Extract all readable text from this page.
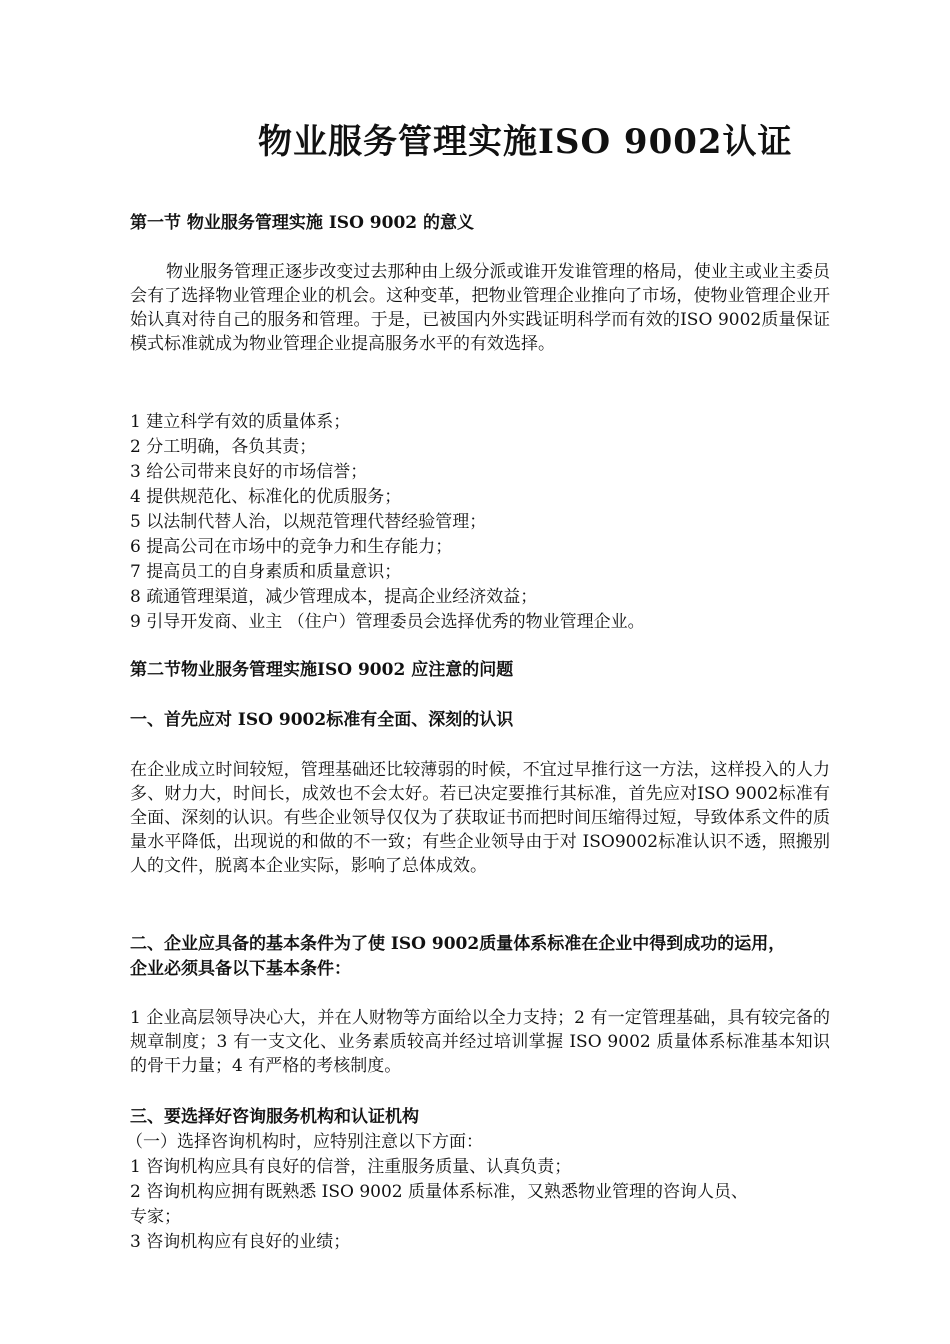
物业服务管理实施ISO 9002认证
第一节 物业服务管理实施 ISO 9002 的意义
物业服务管理正逐步改变过去那种由上级分派或谁开发谁管理的格局，使业主或业主委员会有了选择物业管理企业的机会。这种变革，把物业管理企业推向了市场，使物业管理企业开始认真对待自己的服务和管理。于是，已被国内外实践证明科学而有效的ISO 9002质量保证模式标准就成为物业管理企业提高服务水平的有效选择。
1 建立科学有效的质量体系；
2 分工明确，各负其责；
3 给公司带来良好的市场信誉；
4 提供规范化、标准化的优质服务；
5 以法制代替人治，以规范管理代替经验管理；
6 提高公司在市场中的竞争力和生存能力；
7 提高员工的自身素质和质量意识；
8 疏通管理渠道，减少管理成本，提高企业经济效益；
9 引导开发商、业主 （住户）管理委员会选择优秀的物业管理企业。
第二节物业服务管理实施ISO 9002 应注意的问题
一、首先应对 ISO 9002标准有全面、深刻的认识
在企业成立时间较短，管理基础还比较薄弱的时候，不宜过早推行这一方法，这样投入的人力多、财力大，时间长，成效也不会太好。若已决定要推行其标准，首先应对ISO 9002标准有全面、深刻的认识。有些企业领导仅仅为了获取证书而把时间压缩得过短，导致体系文件的质量水平降低，出现说的和做的不一致；有些企业领导由于对 ISO9002标准认识不透，照搬别人的文件，脱离本企业实际，影响了总体成效。
二、企业应具备的基本条件为了使 ISO 9002质量体系标准在企业中得到成功的运用，
企业必须具备以下基本条件：
1 企业高层领导决心大，并在人财物等方面给以全力支持；2 有一定管理基础，具有较完备的规章制度；3 有一支文化、业务素质较高并经过培训掌握 ISO 9002 质量体系标准基本知识的骨干力量；4 有严格的考核制度。
三、要选择好咨询服务机构和认证机构
（一）选择咨询机构时，应特别注意以下方面：
1 咨询机构应具有良好的信誉，注重服务质量、认真负责；
2 咨询机构应拥有既熟悉 ISO 9002 质量体系标准，又熟悉物业管理的咨询人员、
专家；
3 咨询机构应有良好的业绩；
